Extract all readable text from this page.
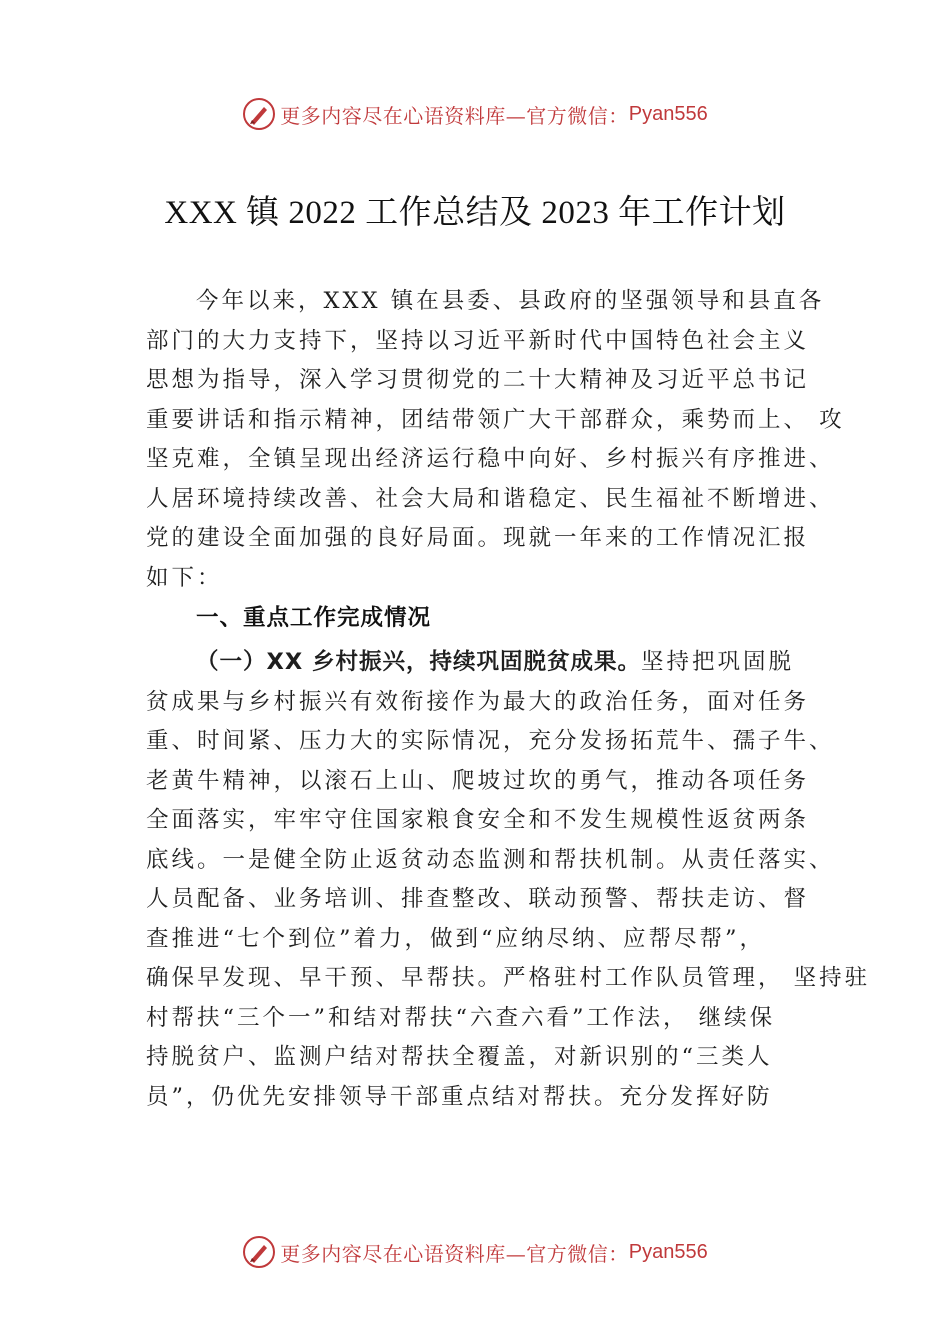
更多内容尽在心语资料库—官方微信： Pyan556
XXX 镇 2022 工作总结及 2023 年工作计划
今年以来，XXX 镇在县委、县政府的坚强领导和县直各
部门的大力支持下，坚持以习近平新时代中国特色社会主义
思想为指导，深入学习贯彻党的二十大精神及习近平总书记
重要讲话和指示精神，团结带领广大干部群众，乘势而上、 攻
坚克难，全镇呈现出经济运行稳中向好、乡村振兴有序推进、
人居环境持续改善、社会大局和谐稳定、民生福祉不断增进、
党的建设全面加强的良好局面。现就一年来的工作情况汇报
如下：
一、重点工作完成情况
（一）XX 乡村振兴，持续巩固脱贫成果。坚持把巩固脱
贫成果与乡村振兴有效衔接作为最大的政治任务，面对任务
重、时间紧、压力大的实际情况，充分发扬拓荒牛、孺子牛、
老黄牛精神，以滚石上山、爬坡过坎的勇气，推动各项任务
全面落实，牢牢守住国家粮食安全和不发生规模性返贫两条
底线。一是健全防止返贫动态监测和帮扶机制。从责任落实、
人员配备、业务培训、排查整改、联动预警、帮扶走访、督
查推进“七个到位”着力，做到“应纳尽纳、应帮尽帮”，
确保早发现、早干预、早帮扶。严格驻村工作队员管理， 坚持驻
村帮扶“三个一”和结对帮扶“六查六看”工作法， 继续保
持脱贫户、监测户结对帮扶全覆盖，对新识别的“三类人
员”，仍优先安排领导干部重点结对帮扶。充分发挥好防
更多内容尽在心语资料库—官方微信： Pyan556
